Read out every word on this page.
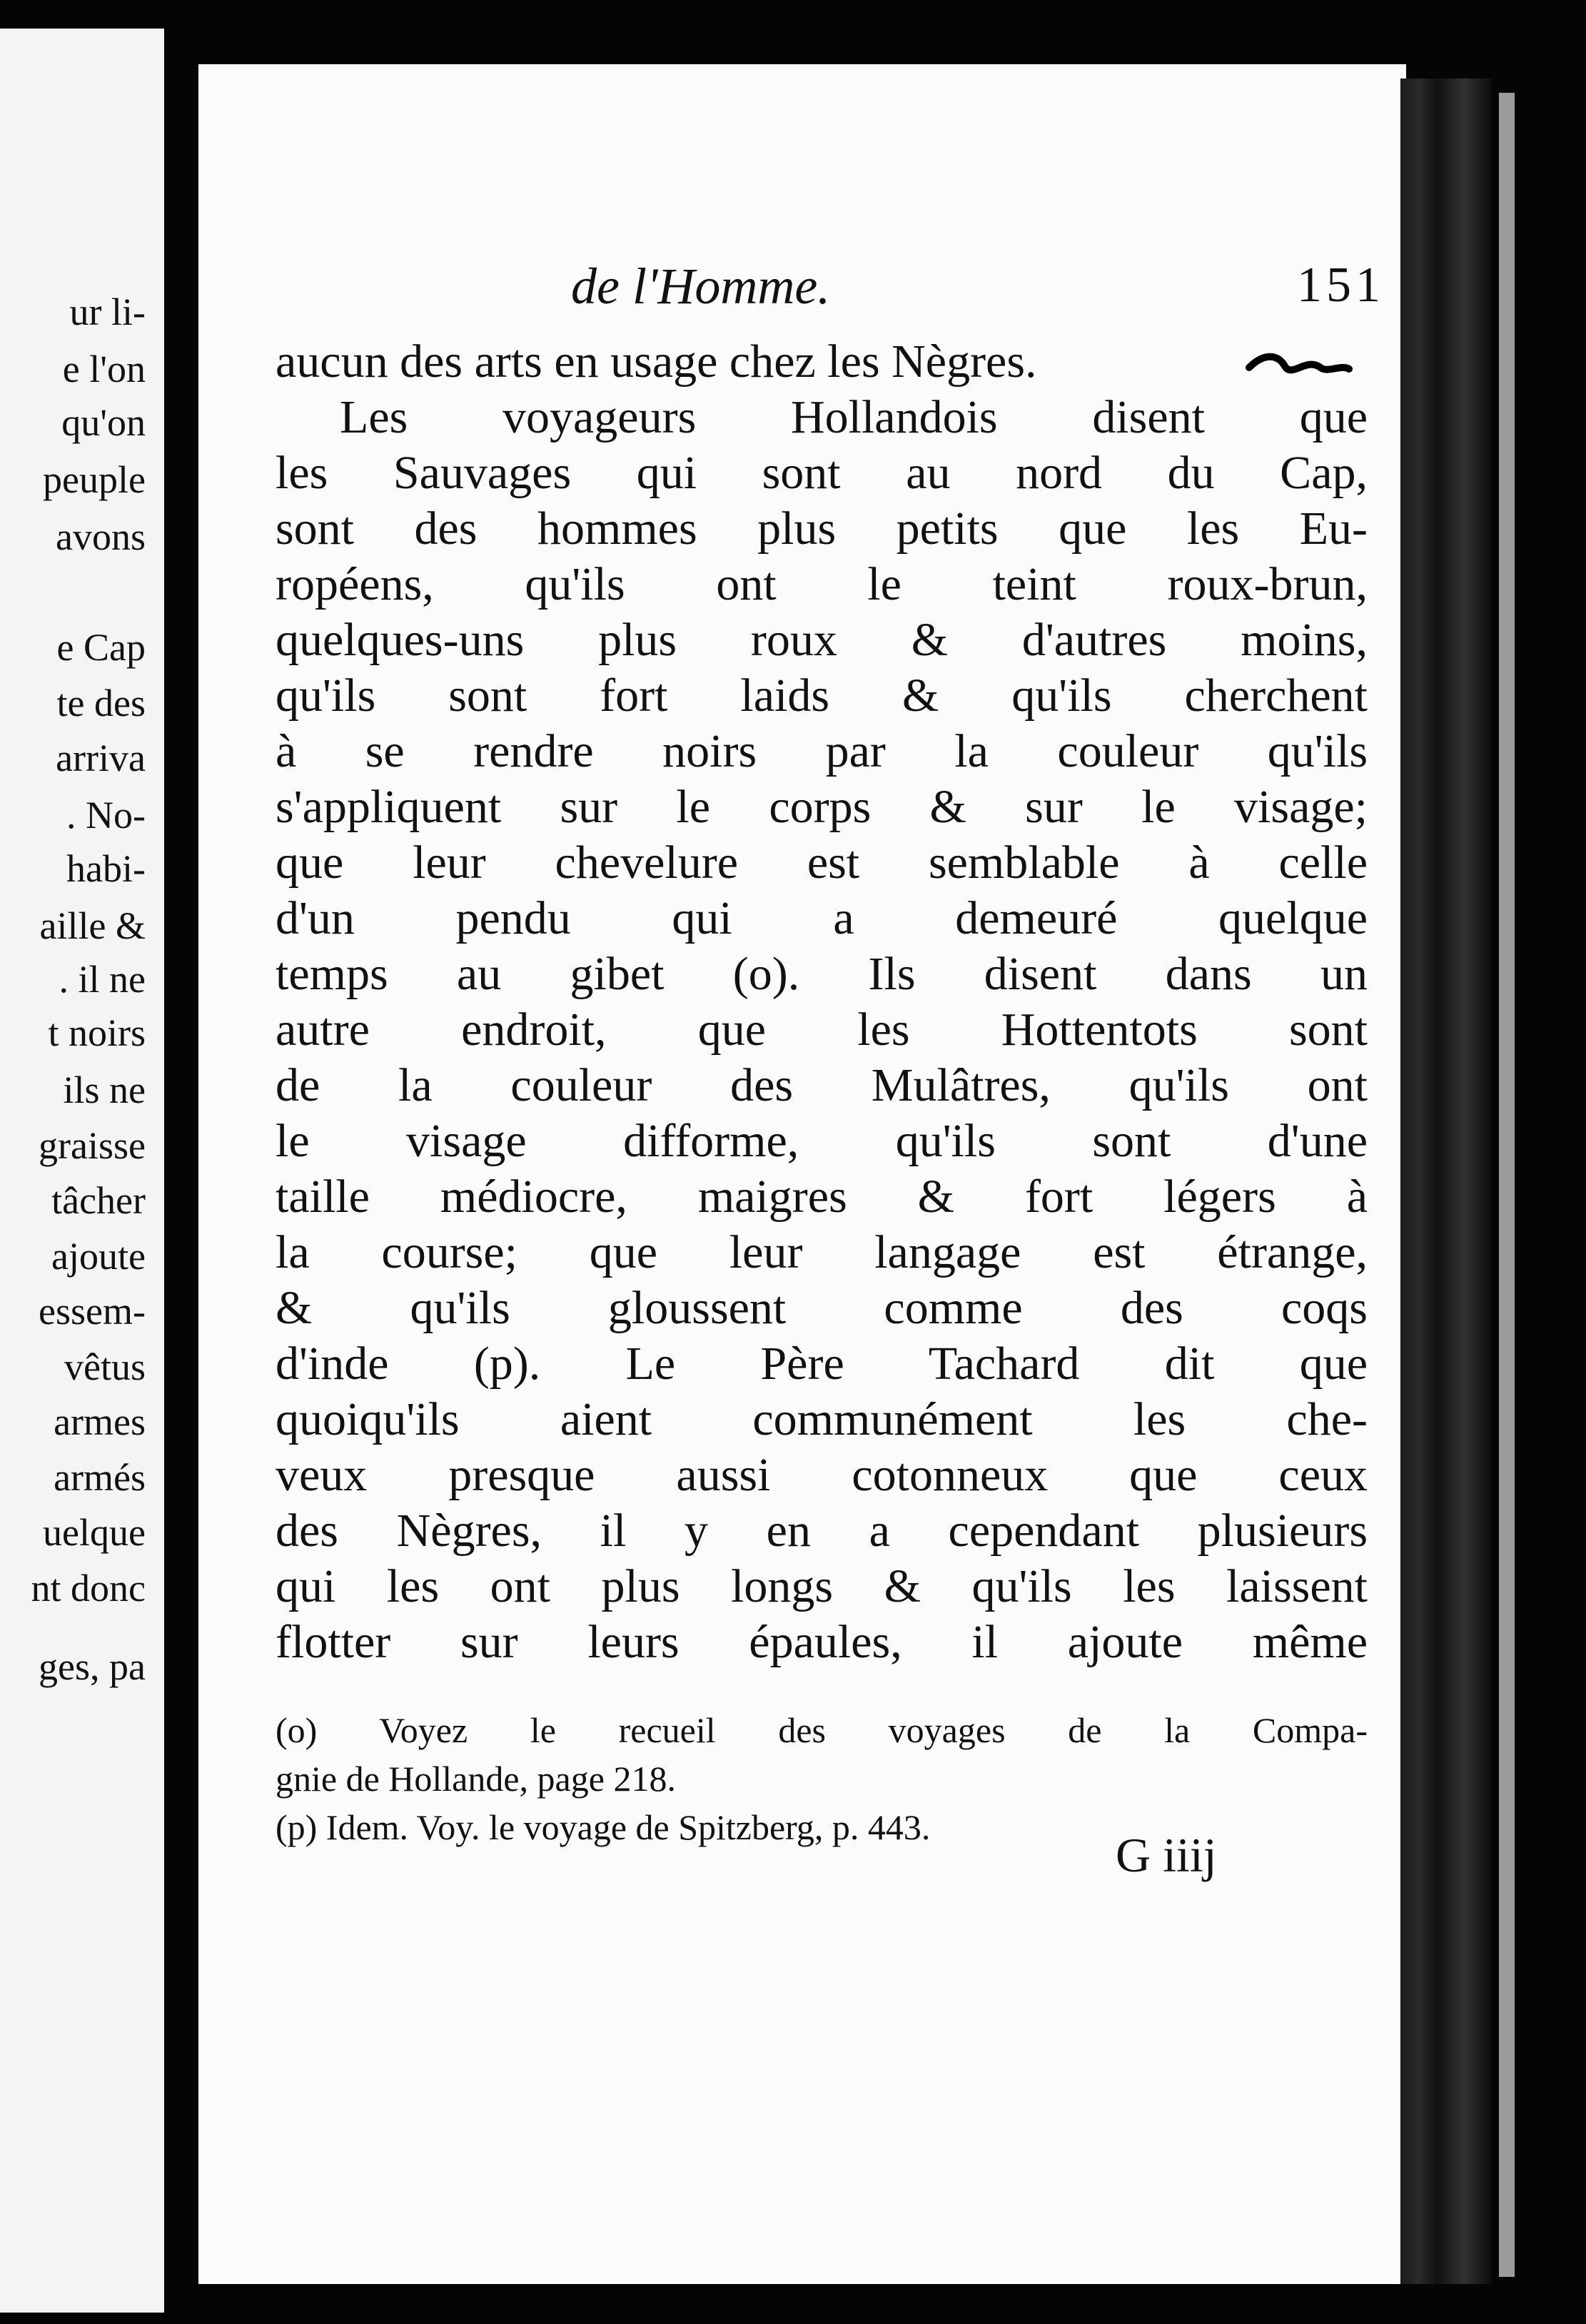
ur li-
e l'on
qu'on
peuple
avons
e Cap
te des
arriva
. No-
habi-
aille &
. il ne
t noirs
ils ne
graisse
tâcher
ajoute
essem-
vêtus
armes
armés
uelque
nt donc
ges, pa
de l'Homme.	151
aucun des arts en usage chez les Nègres.
Les voyageurs Hollandois disent que
les Sauvages qui sont au nord du Cap,
sont des hommes plus petits que les Eu-
ropéens, qu'ils ont le teint roux-brun,
quelques-uns plus roux & d'autres moins,
qu'ils sont fort laids & qu'ils cherchent
à se rendre noirs par la couleur qu'ils
s'appliquent sur le corps & sur le visage;
que leur chevelure est semblable à celle
d'un pendu qui a demeuré quelque
temps au gibet (o). Ils disent dans un
autre endroit, que les Hottentots sont
de la couleur des Mulâtres, qu'ils ont
le visage difforme, qu'ils sont d'une
taille médiocre, maigres & fort légers à
la course; que leur langage est étrange,
& qu'ils gloussent comme des coqs
d'inde (p). Le Père Tachard dit que
quoiqu'ils aient communément les che-
veux presque aussi cotonneux que ceux
des Nègres, il y en a cependant plusieurs
qui les ont plus longs & qu'ils les laissent
flotter sur leurs épaules, il ajoute même
(o) Voyez le recueil des voyages de la Compa-
gnie de Hollande, page 218.
(p) Idem. Voy. le voyage de Spitzberg, p. 443.
G iiij
